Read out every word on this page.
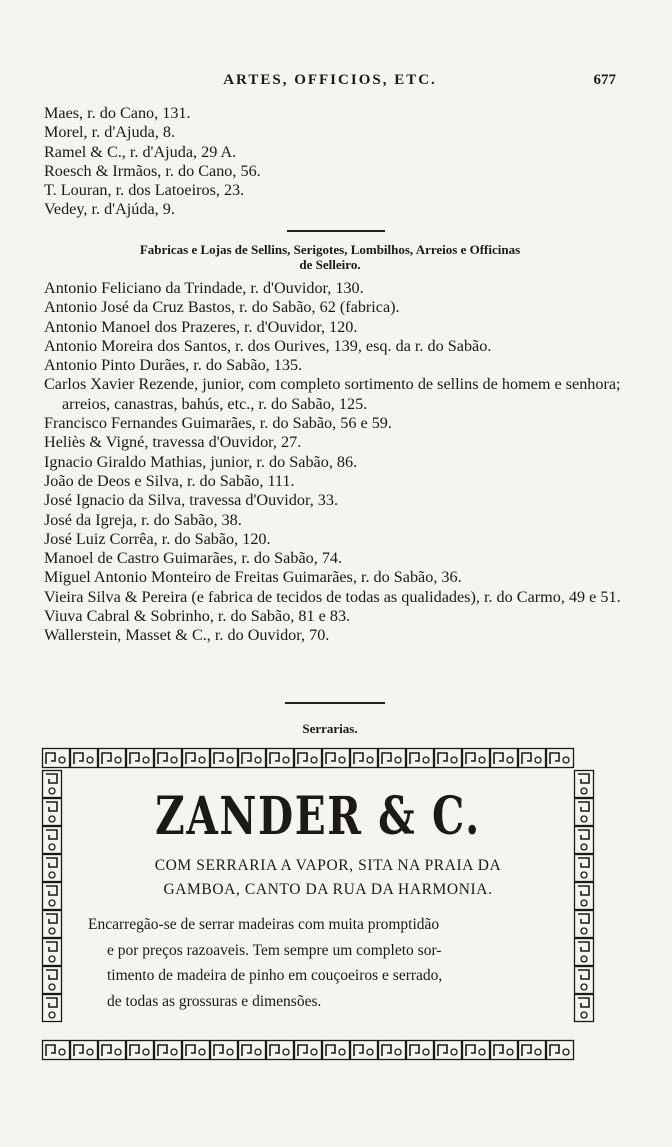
ARTES, OFFICIOS, ETC.	677
Maes, r. do Cano, 131.
Morel, r. d'Ajuda, 8.
Ramel & C., r. d'Ajuda, 29 A.
Roesch & Irmãos, r. do Cano, 56.
T. Louran, r. dos Latoeiros, 23.
Vedey, r. d'Ajúda, 9.
Fabricas e Lojas de Sellins, Serigotes, Lombilhos, Arreios e Officinas
de Selleiro.
Antonio Feliciano da Trindade, r. d'Ouvidor, 130.
Antonio José da Cruz Bastos, r. do Sabão, 62 (fabrica).
Antonio Manoel dos Prazeres, r. d'Ouvidor, 120.
Antonio Moreira dos Santos, r. dos Ourives, 139, esq. da r. do Sabão.
Antonio Pinto Durães, r. do Sabão, 135.
Carlos Xavier Rezende, junior, com completo sortimento de sellins de homem e senhora; arreios, canastras, bahús, etc., r. do Sabão, 125.
Francisco Fernandes Guimarães, r. do Sabão, 56 e 59.
Heliès & Vigné, travessa d'Ouvidor, 27.
Ignacio Giraldo Mathias, junior, r. do Sabão, 86.
João de Deos e Silva, r. do Sabão, 111.
José Ignacio da Silva, travessa d'Ouvidor, 33.
José da Igreja, r. do Sabão, 38.
José Luiz Corrêa, r. do Sabão, 120.
Manoel de Castro Guimarães, r. do Sabão, 74.
Miguel Antonio Monteiro de Freitas Guimarães, r. do Sabão, 36.
Vieira Silva & Pereira (e fabrica de tecidos de todas as qualidades), r. do Carmo, 49 e 51.
Viuva Cabral & Sobrinho, r. do Sabão, 81 e 83.
Wallerstein, Masset & C., r. do Ouvidor, 70.
Serrarias.
ZANDER & C.
COM SERRARIA A VAPOR, SITA NA PRAIA DA
GAMBOA, CANTO DA RUA DA HARMONIA.
Encarregão-se de serrar madeiras com muita promptidão
e por preços razoaveis. Tem sempre um completo sor-
timento de madeira de pinho em couçoeiros e serrado,
de todas as grossuras e dimensões.
